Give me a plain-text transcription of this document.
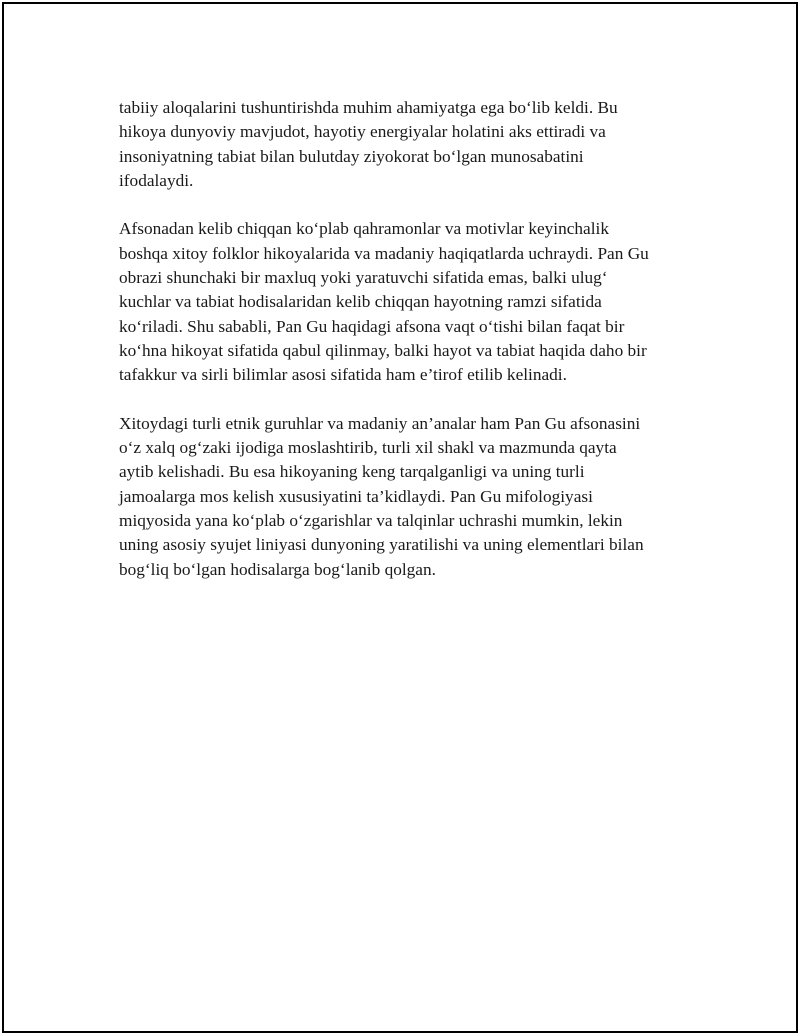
tabiiy aloqalarini tushuntirishda muhim ahamiyatga ega bo‘lib keldi. Bu
hikoya dunyoviy mavjudot, hayotiy energiyalar holatini aks ettiradi va
insoniyatning tabiat bilan bulutday ziyokorat bo‘lgan munosabatini
ifodalaydi.

Afsonadan kelib chiqqan ko‘plab qahramonlar va motivlar keyinchalik
boshqa xitoy folklor hikoyalarida va madaniy haqiqatlarda uchraydi. Pan Gu
obrazi shunchaki bir maxluq yoki yaratuvchi sifatida emas, balki ulug‘
kuchlar va tabiat hodisalaridan kelib chiqqan hayotning ramzi sifatida
ko‘riladi. Shu sababli, Pan Gu haqidagi afsona vaqt o‘tishi bilan faqat bir
ko‘hna hikoyat sifatida qabul qilinmay, balki hayot va tabiat haqida daho bir
tafakkur va sirli bilimlar asosi sifatida ham e’tirof etilib kelinadi.

Xitoydagi turli etnik guruhlar va madaniy an’analar ham Pan Gu afsonasini
o‘z xalq og‘zaki ijodiga moslashtirib, turli xil shakl va mazmunda qayta
aytib kelishadi. Bu esa hikoyaning keng tarqalganligi va uning turli
jamoalarga mos kelish xususiyatini ta’kidlaydi. Pan Gu mifologiyasi
miqyosida yana ko‘plab o‘zgarishlar va talqinlar uchrashi mumkin, lekin
uning asosiy syujet liniyasi dunyoning yaratilishi va uning elementlari bilan
bog‘liq bo‘lgan hodisalarga bog‘lanib qolgan.
